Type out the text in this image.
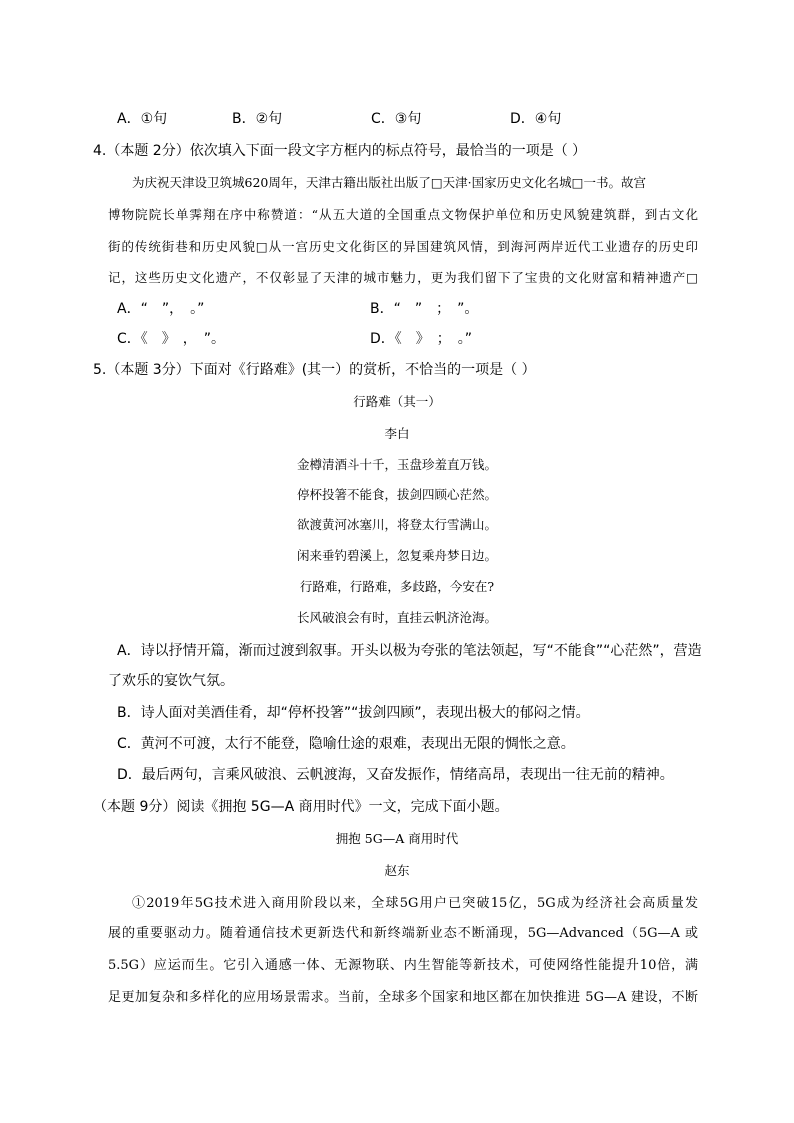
A．①句	B．②句	C．③句	D．④句
4.（本题 2分）依次填入下面一段文字方框内的标点符号，最恰当的一项是（ ）
为庆祝天津设卫筑城620周年，天津古籍出版社出版了□天津·国家历史文化名城□一书。故宫
博物院院长单霁翔在序中称赞道：“从五大道的全国重点文物保护单位和历史风貌建筑群，到古文化
街的传统街巷和历史风貌□从一宫历史文化街区的异国建筑风情，到海河两岸近代工业遗存的历史印
记，这些历史文化遗产，不仅彰显了天津的城市魅力，更为我们留下了宝贵的文化财富和精神遗产□
A．“　”，　。”	B．“　”　；　”。
C．《　》　，　”。	D．《　》　；　。”
5.（本题 3分）下面对《行路难》(其一）的赏析，不恰当的一项是（ ）
行路难（其一）
李白
金樽清酒斗十千，玉盘珍羞直万钱。
停杯投箸不能食，拔剑四顾心茫然。
欲渡黄河冰塞川，将登太行雪满山。
闲来垂钓碧溪上，忽复乘舟梦日边。
行路难，行路难，多歧路，今安在?
长风破浪会有时，直挂云帆济沧海。
A．诗以抒情开篇，渐而过渡到叙事。开头以极为夸张的笔法领起，写“不能食”“心茫然”，营造
了欢乐的宴饮气氛。
B．诗人面对美酒佳肴，却“停杯投箸”“拔剑四顾”，表现出极大的郁闷之情。
C．黄河不可渡，太行不能登，隐喻仕途的艰难，表现出无限的惆怅之意。
D．最后两句，言乘风破浪、云帆渡海，又奋发振作，情绪高昂，表现出一往无前的精神。
（本题 9分）阅读《拥抱 5G—A 商用时代》一文，完成下面小题。
拥抱 5G—A 商用时代
赵东
①2019年5G技术进入商用阶段以来，全球5G用户已突破15亿，5G成为经济社会高质量发
展的重要驱动力。随着通信技术更新迭代和新终端新业态不断涌现，5G—Advanced（5G—A 或
5.5G）应运而生。它引入通感一体、无源物联、内生智能等新技术，可使网络性能提升10倍，满
足更加复杂和多样化的应用场景需求。当前，全球多个国家和地区都在加快推进 5G—A 建设，不断
